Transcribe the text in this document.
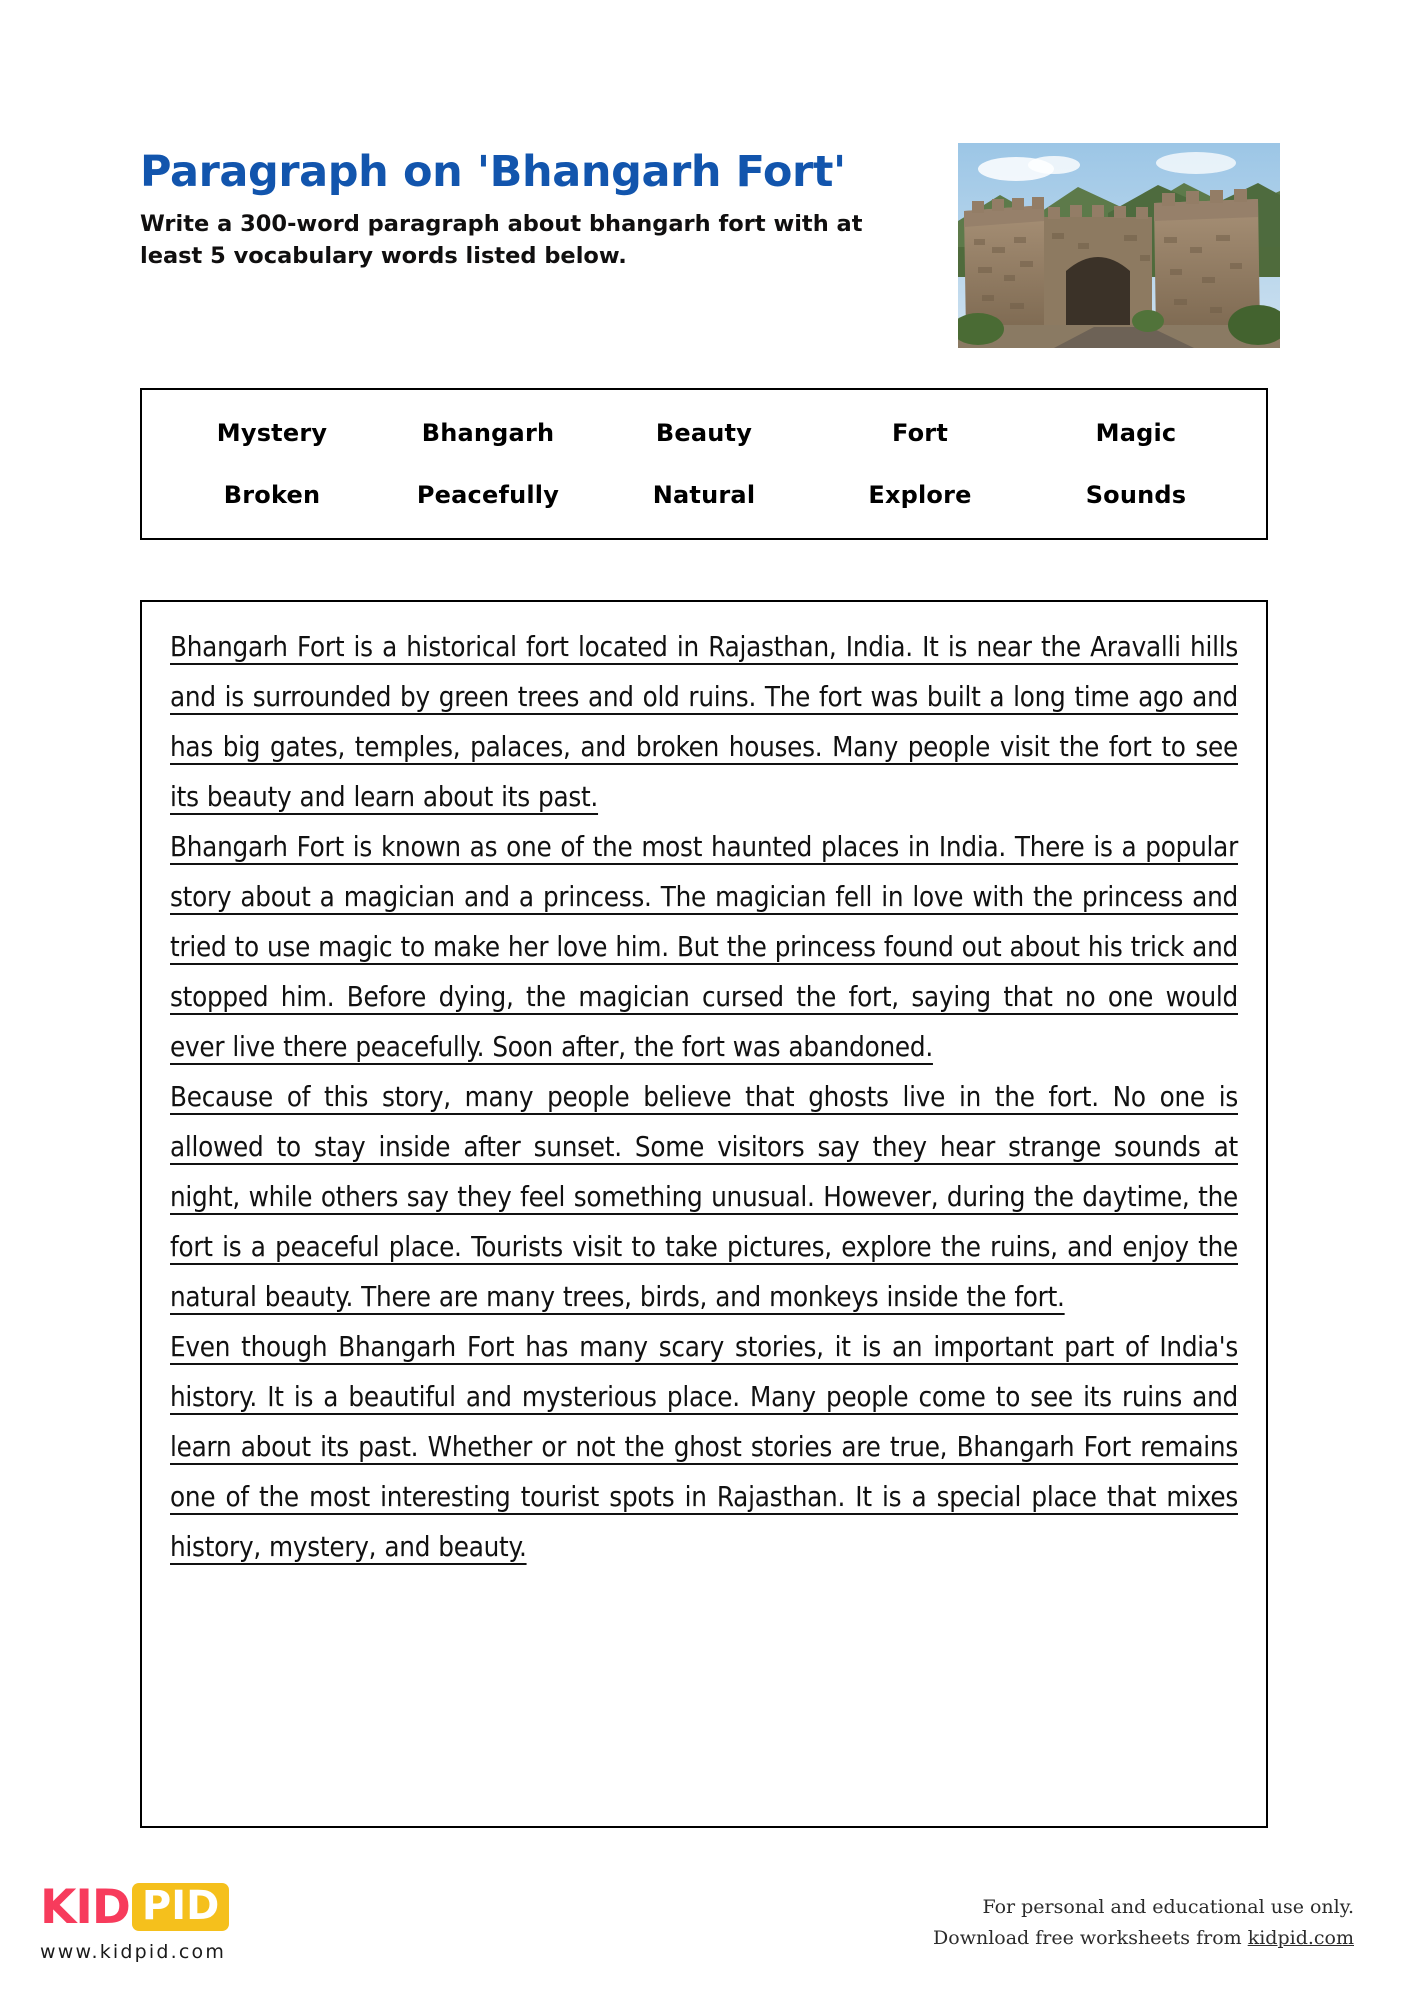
Paragraph on 'Bhangarh Fort'

Write a 300-word paragraph about bhangarh fort with at least 5 vocabulary words listed below.

Mystery	Bhangarh	Beauty	Fort	Magic
Broken	Peacefully	Natural	Explore	Sounds

Bhangarh Fort is a historical fort located in Rajasthan, India. It is near the Aravalli hills and is surrounded by green trees and old ruins. The fort was built a long time ago and has big gates, temples, palaces, and broken houses. Many people visit the fort to see its beauty and learn about its past.

Bhangarh Fort is known as one of the most haunted places in India. There is a popular story about a magician and a princess. The magician fell in love with the princess and tried to use magic to make her love him. But the princess found out about his trick and stopped him. Before dying, the magician cursed the fort, saying that no one would ever live there peacefully. Soon after, the fort was abandoned.

Because of this story, many people believe that ghosts live in the fort. No one is allowed to stay inside after sunset. Some visitors say they hear strange sounds at night, while others say they feel something unusual. However, during the daytime, the fort is a peaceful place. Tourists visit to take pictures, explore the ruins, and enjoy the natural beauty. There are many trees, birds, and monkeys inside the fort.

Even though Bhangarh Fort has many scary stories, it is an important part of India's history. It is a beautiful and mysterious place. Many people come to see its ruins and learn about its past. Whether or not the ghost stories are true, Bhangarh Fort remains one of the most interesting tourist spots in Rajasthan. It is a special place that mixes history, mystery, and beauty.

KID PID
www.kidpid.com
For personal and educational use only.
Download free worksheets from kidpid.com
